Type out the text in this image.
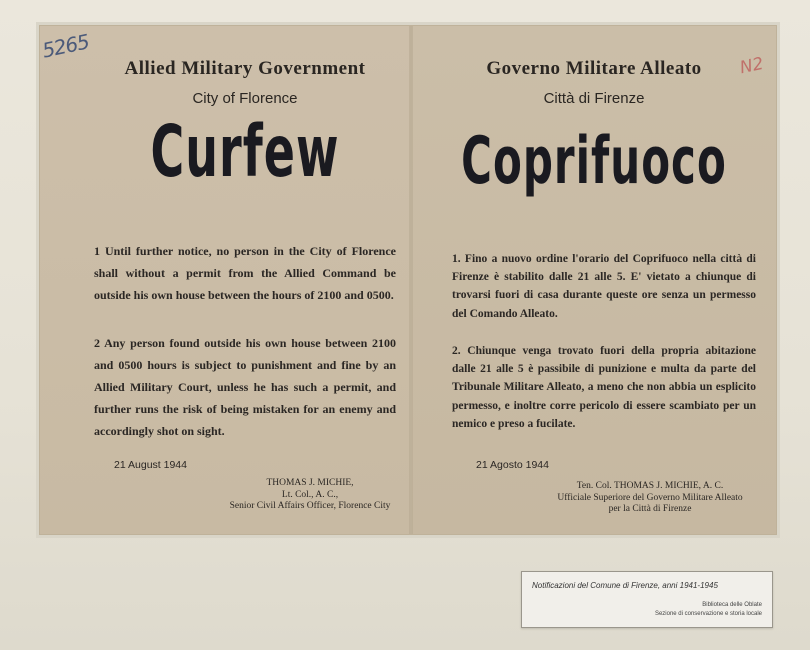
5265
N2
Allied Military Government
City of Florence
Curfew

1 Until further notice, no person in the City of Florence shall without a permit from the Allied Command be outside his own house between the hours of 2100 and 0500.

2 Any person found outside his own house between 2100 and 0500 hours is subject to punishment and fine by an Allied Military Court, unless he has such a permit, and further runs the risk of being mistaken for an enemy and accordingly shot on sight.

21 August 1944
THOMAS J. MICHIE,
Lt. Col., A. C.,
Senior Civil Affairs Officer, Florence City
Governo Militare Alleato
Città di Firenze
Coprifuoco

1. Fino a nuovo ordine l'orario del Coprifuoco nella città di Firenze è stabilito dalle 21 alle 5. E' vietato a chiunque di trovarsi fuori di casa durante queste ore senza un permesso del Comando Alleato.

2. Chiunque venga trovato fuori della propria abitazione dalle 21 alle 5 è passibile di punizione e multa da parte del Tribunale Militare Alleato, a meno che non abbia un esplicito permesso, e inoltre corre pericolo di essere scambiato per un nemico e preso a fucilate.

21 Agosto 1944
Ten. Col. THOMAS J. MICHIE, A. C.
Ufficiale Superiore del Governo Militare Alleato
per la Città di Firenze
Notificazioni del Comune di Firenze, anni 1941-1945
Biblioteca delle Oblate
Sezione di conservazione e storia locale
